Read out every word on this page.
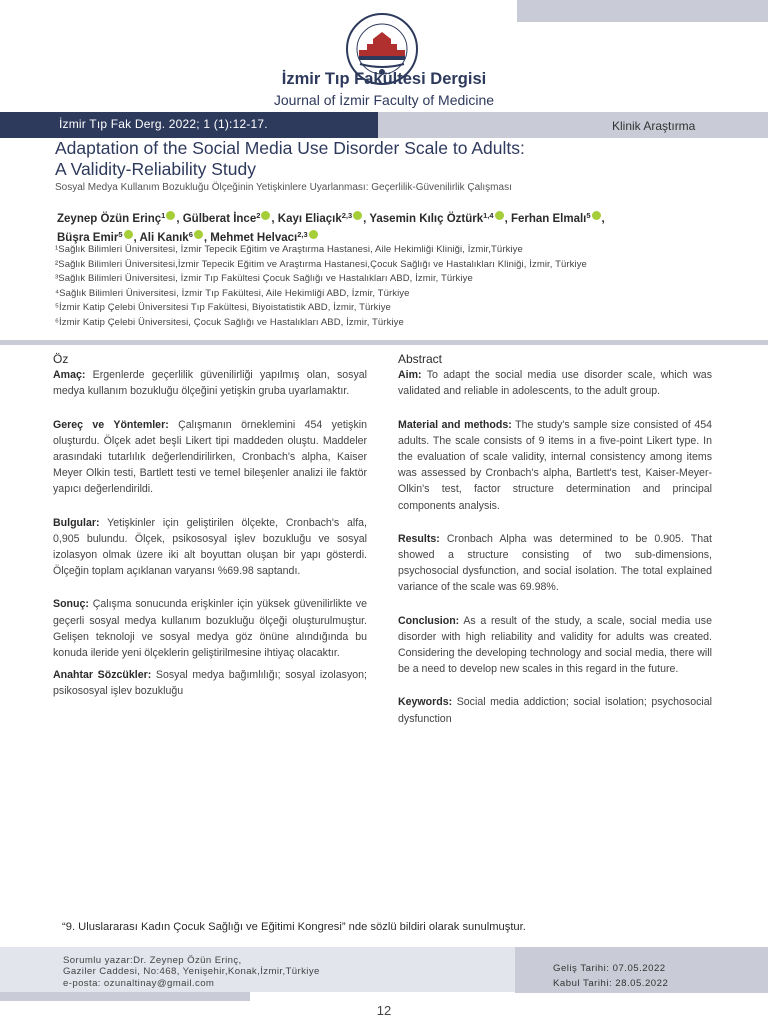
İzmir Tıp Fakültesi Dergisi
Journal of İzmir Faculty of Medicine
İzmir Tıp Fak Derg. 2022; 1 (1):12-17.	Klinik Araştırma
Adaptation of the Social Media Use Disorder Scale to Adults:
A Validity-Reliability Study
Sosyal Medya Kullanım Bozukluğu Ölçeğinin Yetişkinlere Uyarlanması: Geçerlilik-Güvenilirlik Çalışması
Zeynep Özün Erinç$^1$ , Gülberat İnce$^2$ , Kayı Eliaçık$^{2,3}$ , Yasemin Kılıç Öztürk$^{1,4}$ , Ferhan Elmalı$^5$ ,
Büşra Emir$^5$ , Ali Kanık$^6$ , Mehmet Helvacı$^{2,3}$
¹Sağlık Bilimleri Üniversitesi, İzmir Tepecik Eğitim ve Araştırma Hastanesi, Aile Hekimliği Kliniği, İzmir,Türkiye
²Sağlık Bilimleri Üniversitesi,İzmir Tepecik Eğitim ve Araştırma Hastanesi,Çocuk Sağlığı ve Hastalıkları Kliniği, İzmir, Türkiye
³Sağlık Bilimleri Üniversitesi, İzmir Tıp Fakültesi Çocuk Sağlığı ve Hastalıkları ABD, İzmir, Türkiye
⁴Sağlık Bilimleri Üniversitesi, İzmir Tıp Fakültesi, Aile Hekimliği ABD, İzmir, Türkiye
⁵İzmir Katip Çelebi Üniversitesi Tıp Fakültesi, Biyoistatistik ABD, İzmir, Türkiye
⁶İzmir Katip Çelebi Üniversitesi, Çocuk Sağlığı ve Hastalıkları ABD, İzmir, Türkiye
Öz

Amaç: Ergenlerde geçerlilik güvenilirliği yapılmış olan, sosyal medya kullanım bozukluğu ölçeğini yetişkin gruba uyarlamaktır.

Gereç ve Yöntemler: Çalışmanın örneklemini 454 yetişkin oluşturdu. Ölçek adet beşli Likert tipi maddeden oluştu. Maddeler arasındaki tutarlılık değerlendirilirken, Cronbach's alpha, Kaiser Meyer Olkin testi, Bartlett testi ve temel bileşenler analizi ile faktör yapıcı değerlendirildi.

Bulgular: Yetişkinler için geliştirilen ölçekte, Cronbach's alfa, 0,905 bulundu. Ölçek, psikososyal işlev bozukluğu ve sosyal izolasyon olmak üzere iki alt boyuttan oluşan bir yapı gösterdi. Ölçeğin toplam açıklanan varyansı %69.98 saptandı.

Sonuç: Çalışma sonucunda erişkinler için yüksek güvenilirlikte ve geçerli sosyal medya kullanım bozukluğu ölçeği oluşturulmuştur. Gelişen teknoloji ve sosyal medya göz önüne alındığında bu konuda ileride yeni ölçeklerin geliştirilmesine ihtiyaç olacaktır.

Anahtar Sözcükler: Sosyal medya bağımlılığı; sosyal izolasyon; psikososyal işlev bozukluğu

Abstract

Aim: To adapt the social media use disorder scale, which was validated and reliable in adolescents, to the adult group.

Material and methods: The study's sample size consisted of 454 adults. The scale consists of 9 items in a five-point Likert type. In the evaluation of scale validity, internal consistency among items was assessed by Cronbach's alpha, Bartlett's test, Kaiser-Meyer-Olkin's test, factor structure determination and principal components analysis.

Results: Cronbach Alpha was determined to be 0.905. That showed a structure consisting of two sub-dimensions, psychosocial dysfunction, and social isolation. The total explained variance of the scale was 69.98%.

Conclusion: As a result of the study, a scale, social media use disorder with high reliability and validity for adults was created. Considering the developing technology and social media, there will be a need to develop new scales in this regard in the future.

Keywords: Social media addiction; social isolation; psychosocial dysfunction

“9. Uluslararası Kadın Çocuk Sağlığı ve Eğitimi Kongresi” nde sözlü bildiri olarak sunulmuştur.
Sorumlu yazar:Dr. Zeynep Özün Erinç,
Gaziler Caddesi, No:468, Yenişehir,Konak,İzmir,Türkiye
e-posta: ozunaltinay@gmail.com
Geliş Tarihi: 07.05.2022
Kabul Tarihi: 28.05.2022
12
